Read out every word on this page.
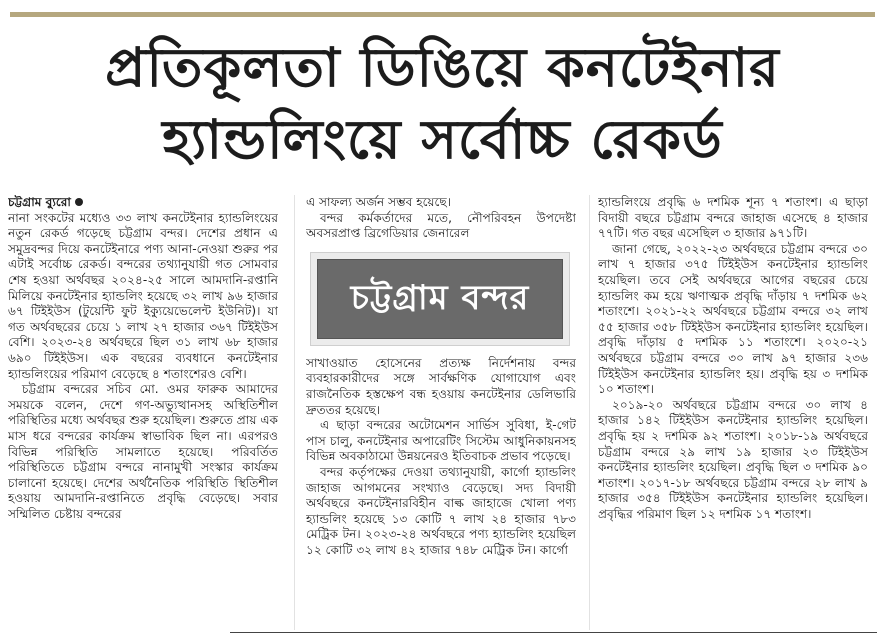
প্রতিকূলতা ডিঙিয়ে কনটেইনার
হ্যান্ডলিংয়ে সর্বোচ্চ রেকর্ড

চট্টগ্রাম ব্যুরো

নানা সংকটের মধ্যেও ৩৩ লাখ কনটেইনার হ্যান্ডলিংয়ের নতুন রেকর্ড গড়েছে চট্টগ্রাম বন্দর। দেশের প্রধান এ সমুদ্রবন্দর দিয়ে কনটেইনারে পণ্য আনা-নেওয়া শুরুর পর এটাই সর্বোচ্চ রেকর্ড। বন্দরের তথ্যানুযায়ী গত সোমবার শেষ হওয়া অর্থবছর ২০২৪-২৫ সালে আমদানি-রপ্তানি মিলিয়ে কনটেইনার হ্যান্ডলিং হয়েছে ৩২ লাখ ৯৬ হাজার ৬৭ টিইইউস (টুয়েন্টি ফুট ইক্যুয়েভেলেন্ট ইউনিট)। যা গত অর্থবছরের চেয়ে ১ লাখ ২৭ হাজার ৩৬৭ টিইইউস বেশি। ২০২৩-২৪ অর্থবছরে ছিল ৩১ লাখ ৬৮ হাজার ৬৯০ টিইইউস। এক বছরের ব্যবধানে কনটেইনার হ্যান্ডলিংয়ের পরিমাণ বেড়েছে ৪ শতাংশেরও বেশি।

চট্টগ্রাম বন্দরের সচিব মো. ওমর ফারুক আমাদের সময়কে বলেন, দেশে গণ-অভ্যুত্থানসহ অস্থিতিশীল পরিস্থিতির মধ্যে অর্থবছর শুরু হয়েছিল। শুরুতে প্রায় এক মাস ধরে বন্দরের কার্যক্রম স্বাভাবিক ছিল না। এরপরও বিভিন্ন পরিস্থিতি সামলাতে হয়েছে। পরিবর্তিত পরিস্থিতিতে চট্টগ্রাম বন্দরে নানামুখী সংস্কার কার্যক্রম চালানো হয়েছে। দেশের অর্থনৈতিক পরিস্থিতি স্থিতিশীল হওয়ায় আমদানি-রপ্তানিতে প্রবৃদ্ধি বেড়েছে। সবার সম্মিলিত চেষ্টায় বন্দরের

এ সাফল্য অর্জন সম্ভব হয়েছে।

বন্দর কর্মকর্তাদের মতে, নৌপরিবহন উপদেষ্টা অবসরপ্রাপ্ত ব্রিগেডিয়ার জেনারেল

চট্টগ্রাম বন্দর

সাখাওয়াত হোসেনের প্রত্যক্ষ নির্দেশনায় বন্দর ব্যবহারকারীদের সঙ্গে সার্বক্ষণিক যোগাযোগ এবং রাজনৈতিক হস্তক্ষেপ বন্ধ হওয়ায় কনটেইনার ডেলিভারি দ্রুততর হয়েছে।

এ ছাড়া বন্দরের অটোমেশন সার্ভিস সুবিধা, ই-গেট পাস চালু, কনটেইনার অপারেটিং সিস্টেম আধুনিকায়নসহ বিভিন্ন অবকাঠামো উন্নয়নেরও ইতিবাচক প্রভাব পড়েছে।

বন্দর কর্তৃপক্ষের দেওয়া তথ্যানুযায়ী, কার্গো হ্যান্ডলিং জাহাজ আগমনের সংখ্যাও বেড়েছে। সদ্য বিদায়ী অর্থবছরে কনটেইনারবিহীন বাল্ক জাহাজে খোলা পণ্য হ্যান্ডলিং হয়েছে ১৩ কোটি ৭ লাখ ২৪ হাজার ৭৮৩ মেট্রিক টন। ২০২৩-২৪ অর্থবছরে পণ্য হ্যান্ডলিং হয়েছিল ১২ কোটি ৩২ লাখ ৪২ হাজার ৭৪৮ মেট্রিক টন। কার্গো

হ্যান্ডলিংয়ে প্রবৃদ্ধি ৬ দশমিক শূন্য ৭ শতাংশ। এ ছাড়া বিদায়ী বছরে চট্টগ্রাম বন্দরে জাহাজ এসেছে ৪ হাজার ৭৭টি। গত বছর এসেছিল ৩ হাজার ৯৭১টি।

জানা গেছে, ২০২২-২৩ অর্থবছরে চট্টগ্রাম বন্দরে ৩০ লাখ ৭ হাজার ৩৭৫ টিইইউস কনটেইনার হ্যান্ডলিং হয়েছিল। তবে সেই অর্থবছরে আগের বছরের চেয়ে হ্যান্ডলিং কম হয়ে ঋণাত্মক প্রবৃদ্ধি দাঁড়ায় ৭ দশমিক ৬২ শতাংশে। ২০২১-২২ অর্থবছরে চট্টগ্রাম বন্দরে ৩২ লাখ ৫৫ হাজার ৩৫৮ টিইইউস কনটেইনার হ্যান্ডলিং হয়েছিল। প্রবৃদ্ধি দাঁড়ায় ৫ দশমিক ১১ শতাংশে। ২০২০-২১ অর্থবছরে চট্টগ্রাম বন্দরে ৩০ লাখ ৯৭ হাজার ২৩৬ টিইইউস কনটেইনার হ্যান্ডলিং হয়। প্রবৃদ্ধি হয় ৩ দশমিক ১০ শতাংশ।

২০১৯-২০ অর্থবছরে চট্টগ্রাম বন্দরে ৩০ লাখ ৪ হাজার ১৪২ টিইইউস কনটেইনার হ্যান্ডলিং হয়েছিল। প্রবৃদ্ধি হয় ২ দশমিক ৯২ শতাংশ। ২০১৮-১৯ অর্থবছরে চট্টগ্রাম বন্দরে ২৯ লাখ ১৯ হাজার ২৩ টিইইউস কনটেইনার হ্যান্ডলিং হয়েছিল। প্রবৃদ্ধি ছিল ৩ দশমিক ৯০ শতাংশ। ২০১৭-১৮ অর্থবছরে চট্টগ্রাম বন্দরে ২৮ লাখ ৯ হাজার ৩৫৪ টিইইউস কনটেইনার হ্যান্ডলিং হয়েছিল। প্রবৃদ্ধির পরিমাণ ছিল ১২ দশমিক ১৭ শতাংশ।
